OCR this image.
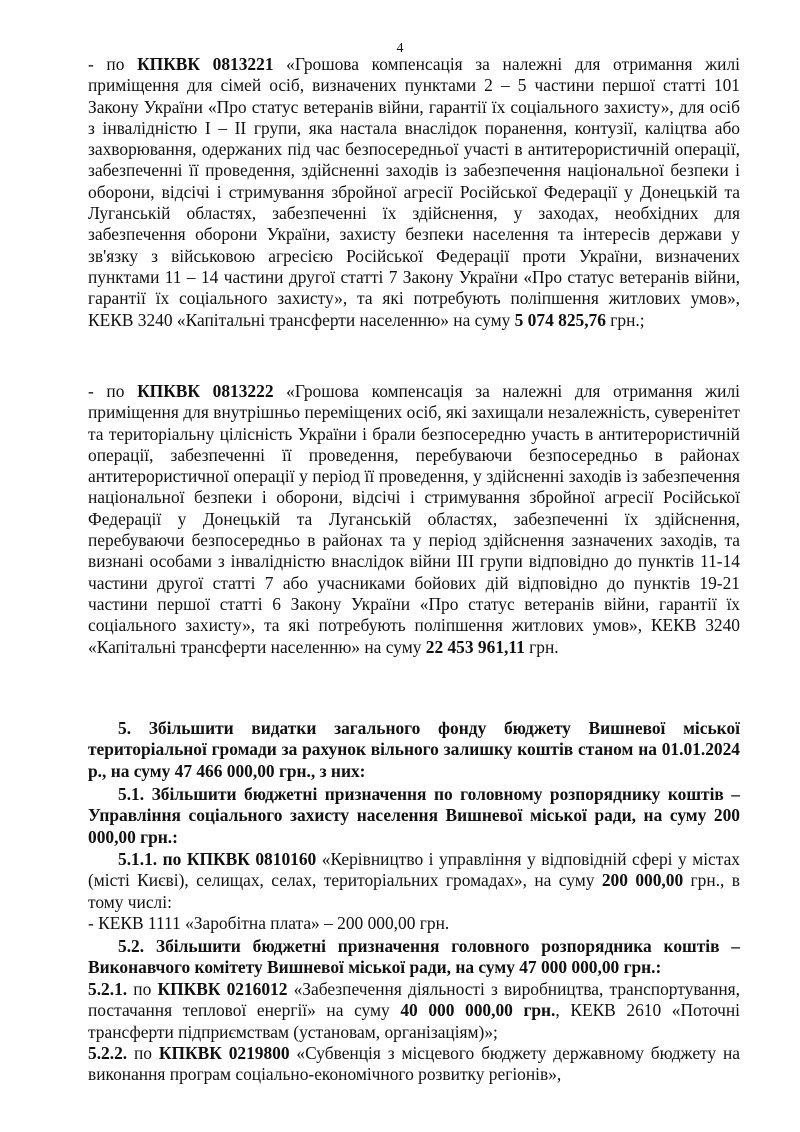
4
- по КПКВК 0813221 «Грошова компенсація за належні для отримання жилі приміщення для сімей осіб, визначених пунктами 2 – 5 частини першої статті 101 Закону України «Про статус ветеранів війни, гарантії їх соціального захисту», для осіб з інвалідністю I – II групи, яка настала внаслідок поранення, контузії, каліцтва або захворювання, одержаних під час безпосередньої участі в антитерористичній операції, забезпеченні її проведення, здійсненні заходів із забезпечення національної безпеки і оборони, відсічі і стримування збройної агресії Російської Федерації у Донецькій та Луганській областях, забезпеченні їх здійснення, у заходах, необхідних для забезпечення оборони України, захисту безпеки населення та інтересів держави у зв'язку з військовою агресією Російської Федерації проти України, визначених пунктами 11 – 14 частини другої статті 7 Закону України «Про статус ветеранів війни, гарантії їх соціального захисту», та які потребують поліпшення житлових умов», КЕКВ 3240 «Капітальні трансферти населенню» на суму 5 074 825,76 грн.;
- по КПКВК 0813222 «Грошова компенсація за належні для отримання жилі приміщення для внутрішньо переміщених осіб, які захищали незалежність, суверенітет та територіальну цілісність України і брали безпосередню участь в антитерористичній операції, забезпеченні її проведення, перебуваючи безпосередньо в районах антитерористичної операції у період її проведення, у здійсненні заходів із забезпечення національної безпеки і оборони, відсічі і стримування збройної агресії Російської Федерації у Донецькій та Луганській областях, забезпеченні їх здійснення, перебуваючи безпосередньо в районах та у період здійснення зазначених заходів, та визнані особами з інвалідністю внаслідок війни III групи відповідно до пунктів 11-14 частини другої статті 7 або учасниками бойових дій відповідно до пунктів 19-21 частини першої статті 6 Закону України «Про статус ветеранів війни, гарантії їх соціального захисту», та які потребують поліпшення житлових умов», КЕКВ 3240 «Капітальні трансферти населенню» на суму 22 453 961,11 грн.
5. Збільшити видатки загального фонду бюджету Вишневої міської територіальної громади за рахунок вільного залишку коштів станом на 01.01.2024 р., на суму 47 466 000,00 грн., з них:
5.1. Збільшити бюджетні призначення по головному розпоряднику коштів – Управління соціального захисту населення Вишневої міської ради, на суму 200 000,00 грн.:
5.1.1. по КПКВК 0810160 «Керівництво і управління у відповідній сфері у містах (місті Києві), селищах, селах, територіальних громадах», на суму 200 000,00 грн., в тому числі:
- КЕКВ 1111 «Заробітна плата» – 200 000,00 грн.
5.2. Збільшити бюджетні призначення головного розпорядника коштів – Виконавчого комітету Вишневої міської ради, на суму 47 000 000,00 грн.:
5.2.1. по КПКВК 0216012 «Забезпечення діяльності з виробництва, транспортування, постачання теплової енергії» на суму 40 000 000,00 грн., КЕКВ 2610 «Поточні трансферти підприємствам (установам, організаціям)»;
5.2.2. по КПКВК 0219800 «Субвенція з місцевого бюджету державному бюджету на виконання програм соціально-економічного розвитку регіонів»,
